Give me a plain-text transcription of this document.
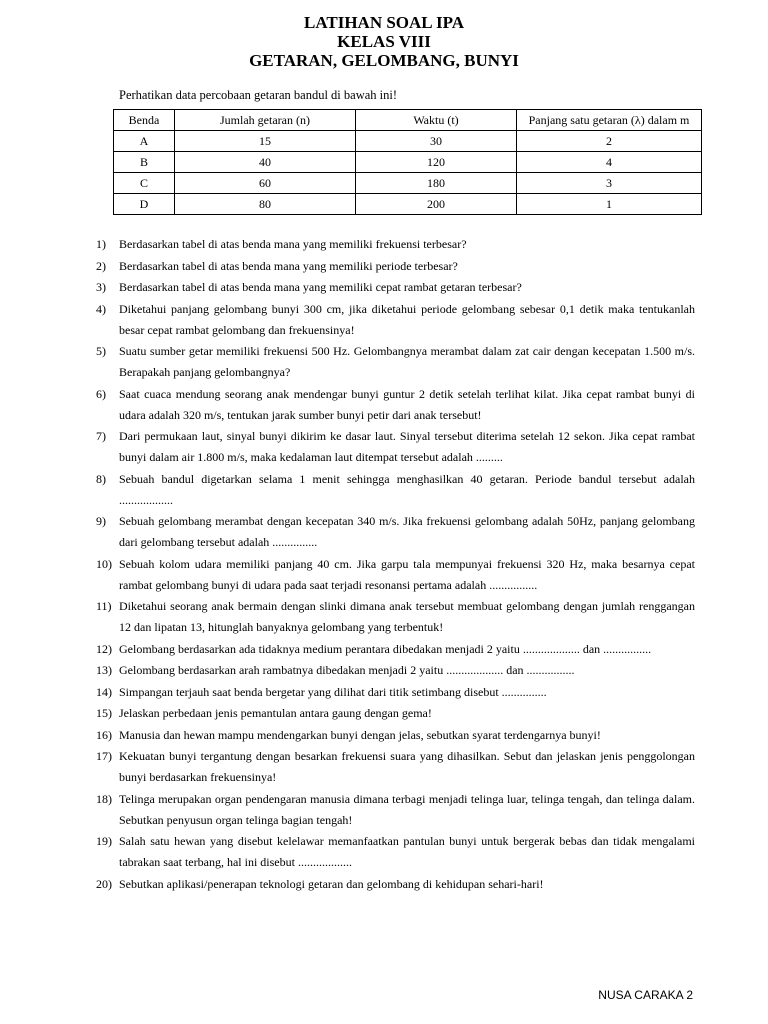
LATIHAN SOAL IPA
KELAS VIII
GETARAN, GELOMBANG, BUNYI
Perhatikan data percobaan getaran bandul di bawah ini!
Benda	Jumlah getaran (n)	Waktu (t)	Panjang satu getaran (λ) dalam m
A	15	30	2
B	40	120	4
C	60	180	3
D	80	200	1
1)	Berdasarkan tabel di atas benda mana yang memiliki frekuensi terbesar?
2)	Berdasarkan tabel di atas benda mana yang memiliki periode terbesar?
3)	Berdasarkan tabel di atas benda mana yang memiliki cepat rambat getaran terbesar?
4)	Diketahui panjang gelombang bunyi 300 cm, jika diketahui periode gelombang sebesar 0,1 detik maka tentukanlah besar cepat rambat gelombang dan frekuensinya!
5)	Suatu sumber getar memiliki frekuensi 500 Hz. Gelombangnya merambat dalam zat cair dengan kecepatan 1.500 m/s. Berapakah panjang gelombangnya?
6)	Saat cuaca mendung seorang anak mendengar bunyi guntur 2 detik setelah terlihat kilat. Jika cepat rambat bunyi di udara adalah 320 m/s, tentukan jarak sumber bunyi petir dari anak tersebut!
7)	Dari permukaan laut, sinyal bunyi dikirim ke dasar laut. Sinyal tersebut diterima setelah 12 sekon. Jika cepat rambat bunyi dalam air 1.800 m/s, maka kedalaman laut ditempat tersebut adalah .........
8)	Sebuah bandul digetarkan selama 1 menit sehingga menghasilkan 40 getaran. Periode bandul tersebut adalah ..................
9)	Sebuah gelombang merambat dengan kecepatan 340 m/s. Jika frekuensi gelombang adalah 50Hz, panjang gelombang dari gelombang tersebut adalah ...............
10) Sebuah kolom udara memiliki panjang 40 cm. Jika garpu tala mempunyai frekuensi 320 Hz, maka besarnya cepat rambat gelombang bunyi di udara pada saat terjadi resonansi pertama adalah ................
11) Diketahui seorang anak bermain dengan slinki dimana anak tersebut membuat gelombang dengan jumlah renggangan 12 dan lipatan 13, hitunglah banyaknya gelombang yang terbentuk!
12) Gelombang berdasarkan ada tidaknya medium perantara dibedakan menjadi 2 yaitu ................... dan ................
13) Gelombang berdasarkan arah rambatnya dibedakan menjadi 2 yaitu ................... dan ................
14) Simpangan terjauh saat benda bergetar yang dilihat dari titik setimbang disebut ...............
15) Jelaskan perbedaan jenis pemantulan antara gaung dengan gema!
16) Manusia dan hewan mampu mendengarkan bunyi dengan jelas, sebutkan syarat terdengarnya bunyi!
17) Kekuatan bunyi tergantung dengan besarkan frekuensi suara yang dihasilkan. Sebut dan jelaskan jenis penggolongan bunyi berdasarkan frekuensinya!
18) Telinga merupakan organ pendengaran manusia dimana terbagi menjadi telinga luar, telinga tengah, dan telinga dalam. Sebutkan penyusun organ telinga bagian tengah!
19) Salah satu hewan yang disebut kelelawar memanfaatkan pantulan bunyi untuk bergerak bebas dan tidak mengalami tabrakan saat terbang, hal ini disebut ..................
20) Sebutkan aplikasi/penerapan teknologi getaran dan gelombang di kehidupan sehari-hari!
NUSA CARAKA 2
